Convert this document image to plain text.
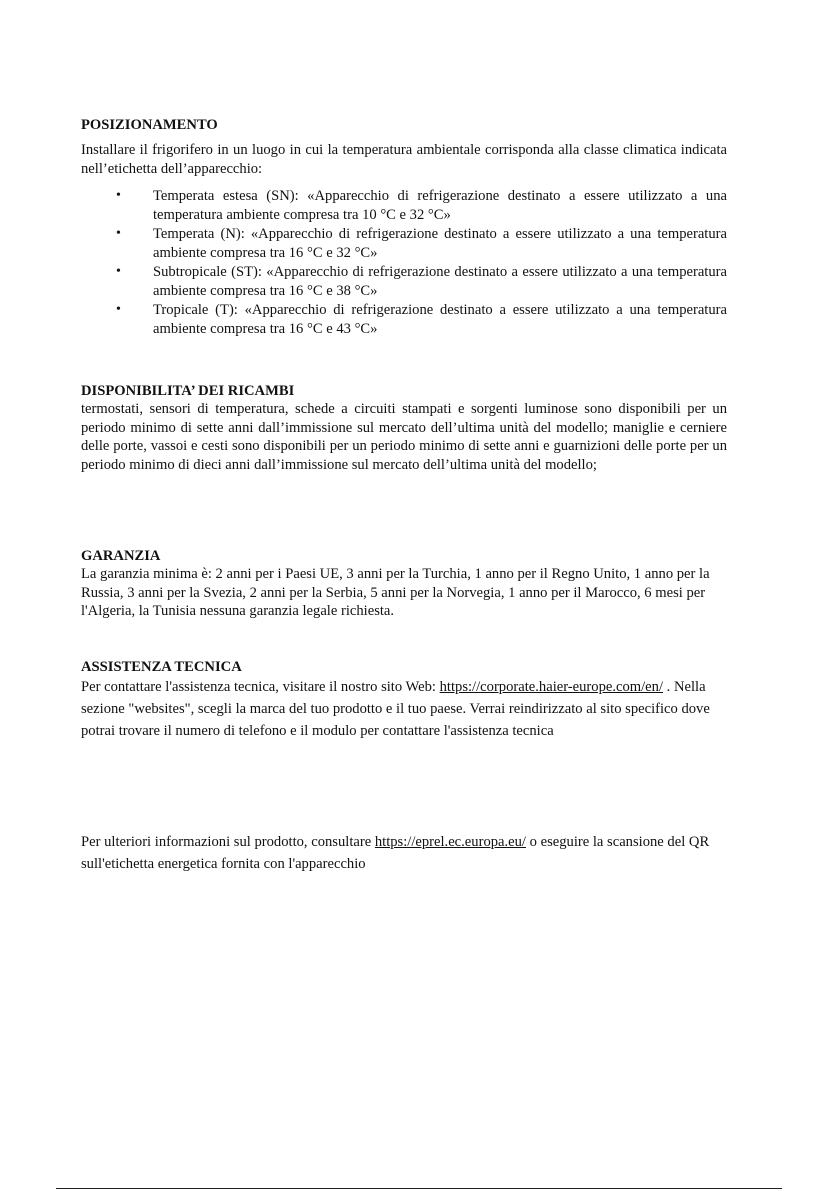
POSIZIONAMENTO

Installare il frigorifero in un luogo in cui la temperatura ambientale corrisponda alla classe climatica indicata nell’etichetta dell’apparecchio:

• Temperata estesa (SN): «Apparecchio di refrigerazione destinato a essere utilizzato a una temperatura ambiente compresa tra 10 °C e 32 °C»
• Temperata (N): «Apparecchio di refrigerazione destinato a essere utilizzato a una temperatura ambiente compresa tra 16 °C e 32 °C»
• Subtropicale (ST): «Apparecchio di refrigerazione destinato a essere utilizzato a una temperatura ambiente compresa tra 16 °C e 38 °C»
• Tropicale (T): «Apparecchio di refrigerazione destinato a essere utilizzato a una temperatura ambiente compresa tra 16 °C e 43 °C»
DISPONIBILITA’ DEI RICAMBI

termostati, sensori di temperatura, schede a circuiti stampati e sorgenti luminose sono disponibili per un periodo minimo di sette anni dall’immissione sul mercato dell’ultima unità del modello; maniglie e cerniere delle porte, vassoi e cesti sono disponibili per un periodo minimo di sette anni e guarnizioni delle porte per un periodo minimo di dieci anni dall’immissione sul mercato dell’ultima unità del modello;

GARANZIA

La garanzia minima è: 2 anni per i Paesi UE, 3 anni per la Turchia, 1 anno per il Regno Unito, 1 anno per la Russia, 3 anni per la Svezia, 2 anni per la Serbia, 5 anni per la Norvegia, 1 anno per il Marocco, 6 mesi per l'Algeria, la Tunisia nessuna garanzia legale richiesta.

ASSISTENZA TECNICA

Per contattare l'assistenza tecnica, visitare il nostro sito Web: https://corporate.haier-europe.com/en/ . Nella sezione "websites", scegli la marca del tuo prodotto e il tuo paese. Verrai reindirizzato al sito specifico dove potrai trovare il numero di telefono e il modulo per contattare l'assistenza tecnica

Per ulteriori informazioni sul prodotto, consultare https://eprel.ec.europa.eu/ o eseguire la scansione del QR sull'etichetta energetica fornita con l'apparecchio
